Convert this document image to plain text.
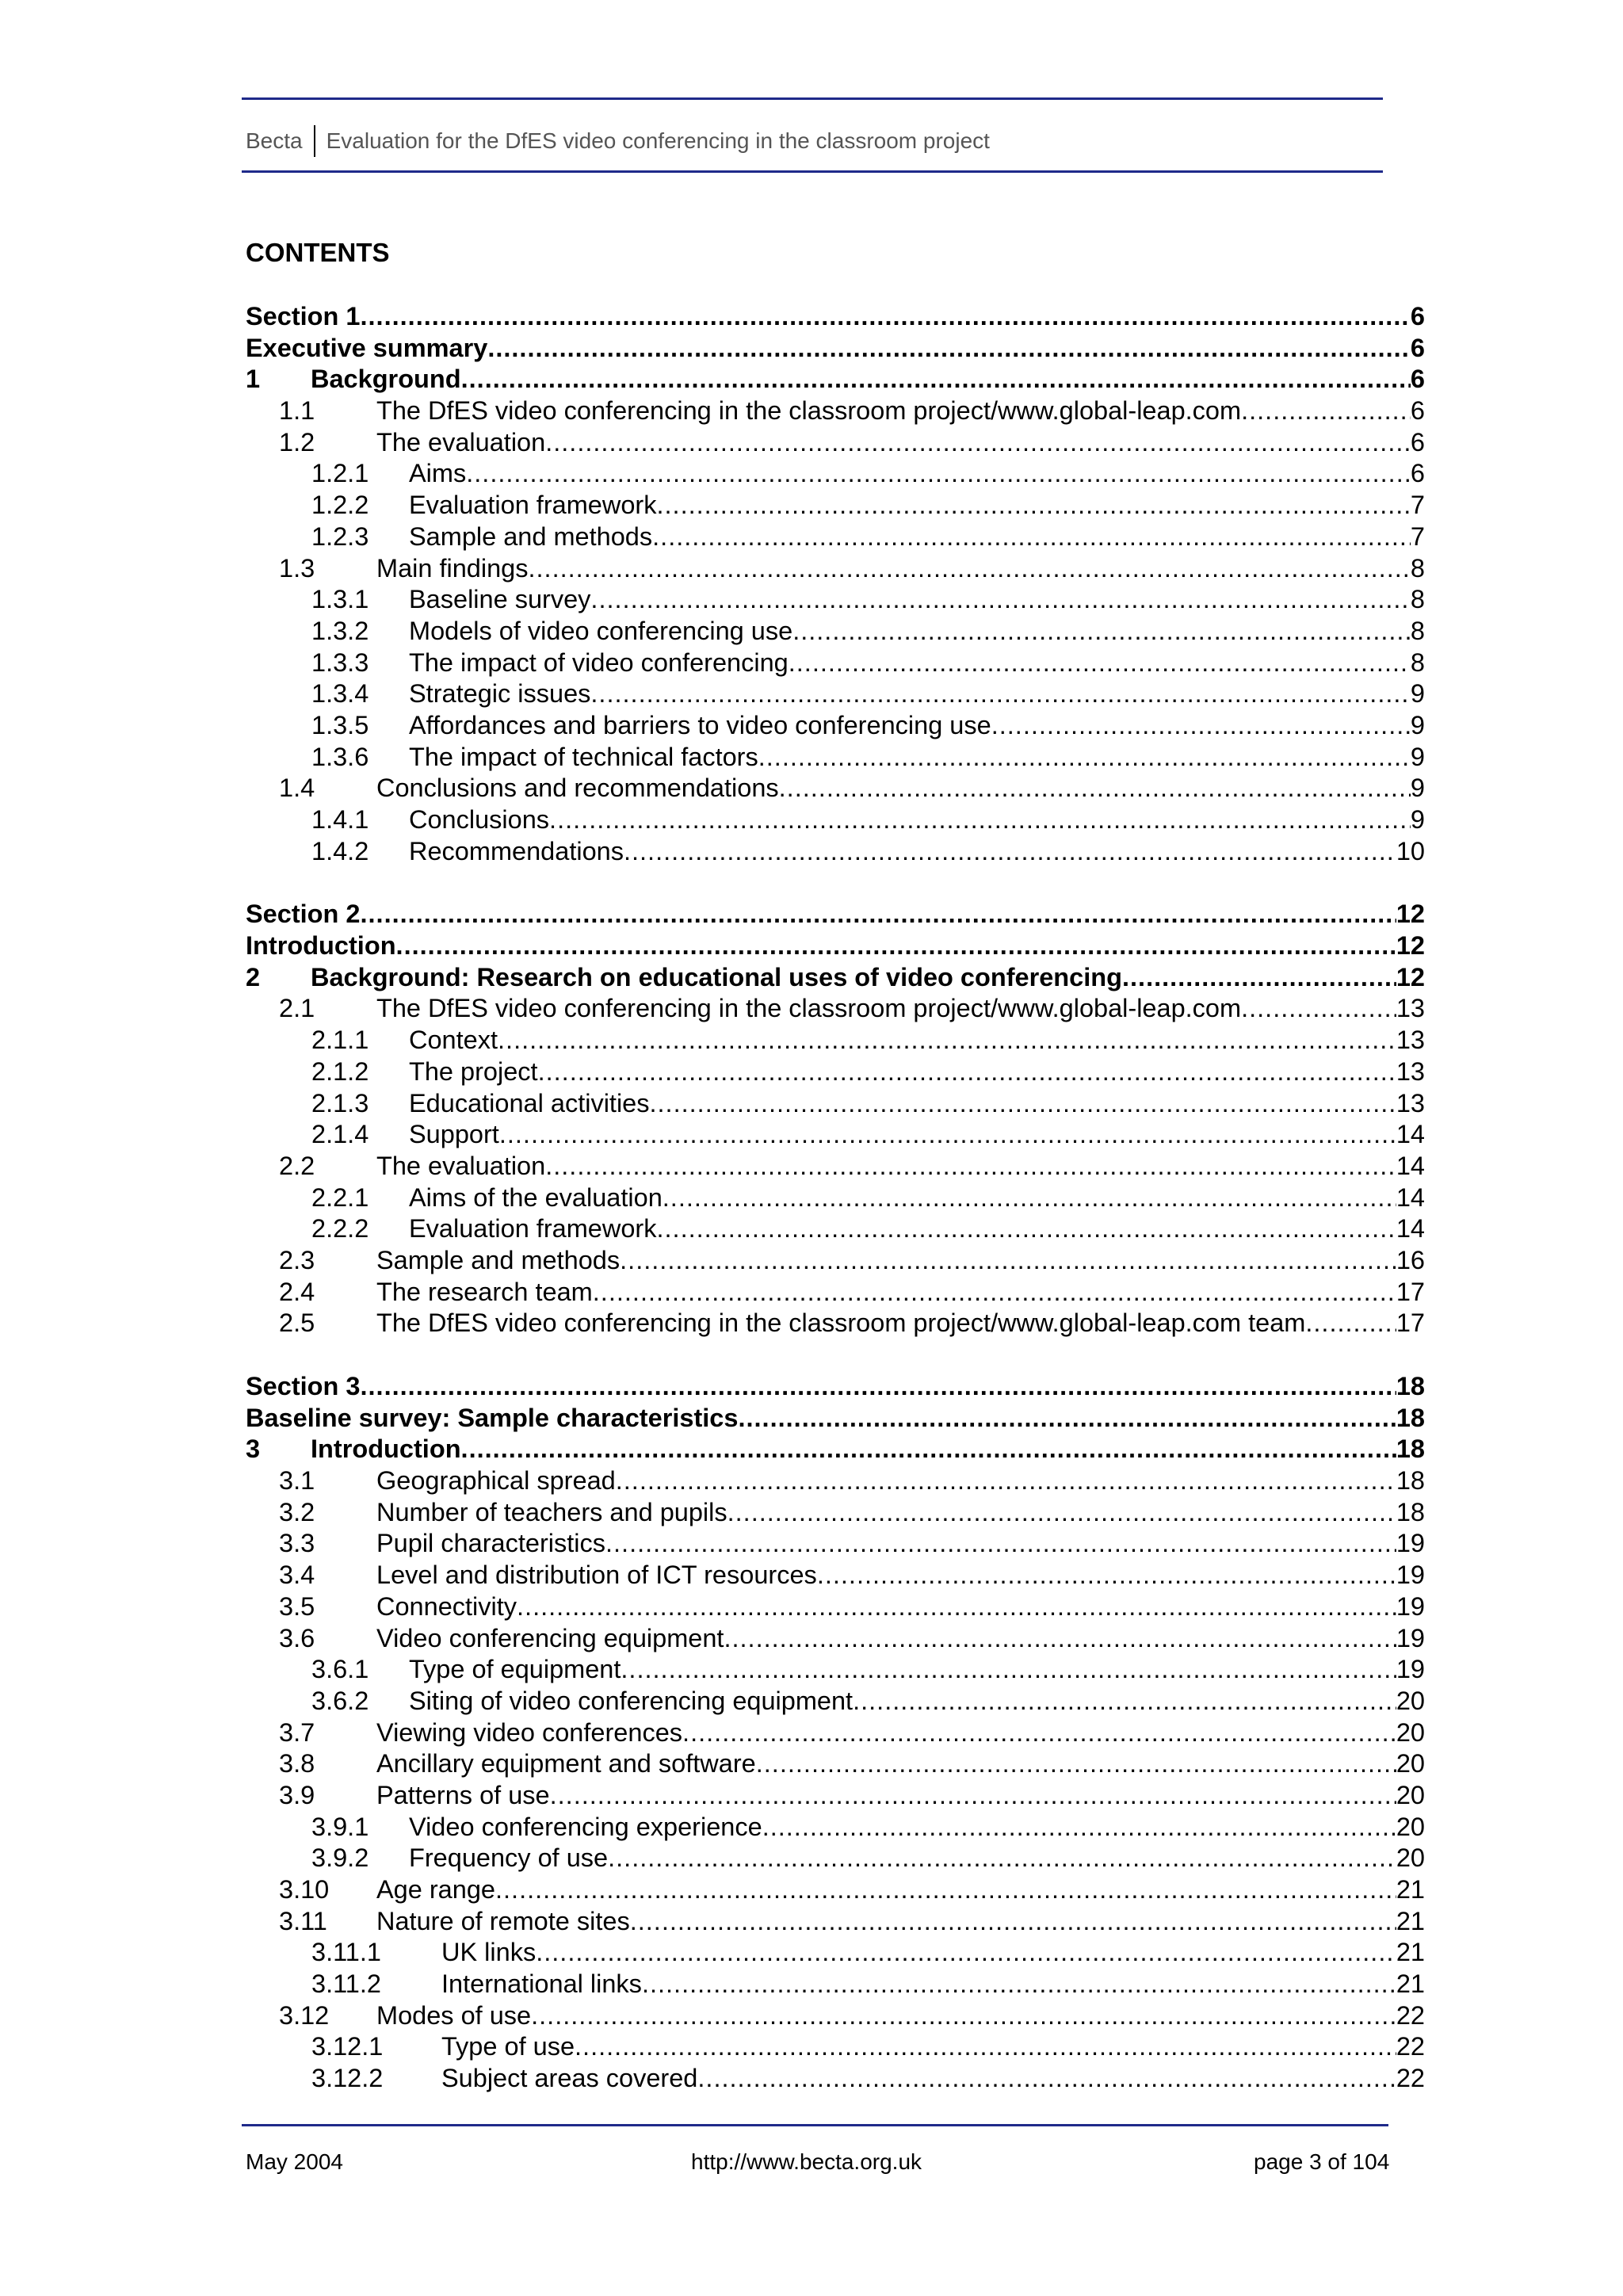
Becta Evaluation for the DfES video conferencing in the classroom project
CONTENTS
Section 1 .....	6
Executive summary .....	6
1	Background .....	6
1.1	The DfES video conferencing in the classroom project/www.global-leap.com .....	6
1.2	The evaluation .....	6
1.2.1	Aims .....	6
1.2.2	Evaluation framework .....	7
1.2.3	Sample and methods .....	7
1.3	Main findings .....	8
1.3.1	Baseline survey .....	8
1.3.2	Models of video conferencing use .....	8
1.3.3	The impact of video conferencing .....	8
1.3.4	Strategic issues .....	9
1.3.5	Affordances and barriers to video conferencing use .....	9
1.3.6	The impact of technical factors .....	9
1.4	Conclusions and recommendations .....	9
1.4.1	Conclusions .....	9
1.4.2	Recommendations .....	10
Section 2 .....	12
Introduction .....	12
2	Background: Research on educational uses of video conferencing .....	12
2.1	The DfES video conferencing in the classroom project/www.global-leap.com .....	13
2.1.1	Context .....	13
2.1.2	The project .....	13
2.1.3	Educational activities .....	13
2.1.4	Support .....	14
2.2	The evaluation .....	14
2.2.1	Aims of the evaluation .....	14
2.2.2	Evaluation framework .....	14
2.3	Sample and methods .....	16
2.4	The research team .....	17
2.5	The DfES video conferencing in the classroom project/www.global-leap.com team .....	17
Section 3 .....	18
Baseline survey: Sample characteristics .....	18
3	Introduction .....	18
3.1	Geographical spread .....	18
3.2	Number of teachers and pupils .....	18
3.3	Pupil characteristics .....	19
3.4	Level and distribution of ICT resources .....	19
3.5	Connectivity .....	19
3.6	Video conferencing equipment .....	19
3.6.1	Type of equipment .....	19
3.6.2	Siting of video conferencing equipment .....	20
3.7	Viewing video conferences .....	20
3.8	Ancillary equipment and software .....	20
3.9	Patterns of use .....	20
3.9.1	Video conferencing experience .....	20
3.9.2	Frequency of use .....	20
3.10	Age range .....	21
3.11	Nature of remote sites .....	21
3.11.1	UK links .....	21
3.11.2	International links .....	21
3.12	Modes of use .....	22
3.12.1	Type of use .....	22
3.12.2	Subject areas covered .....	22
May 2004	http://www.becta.org.uk	page 3 of 104
